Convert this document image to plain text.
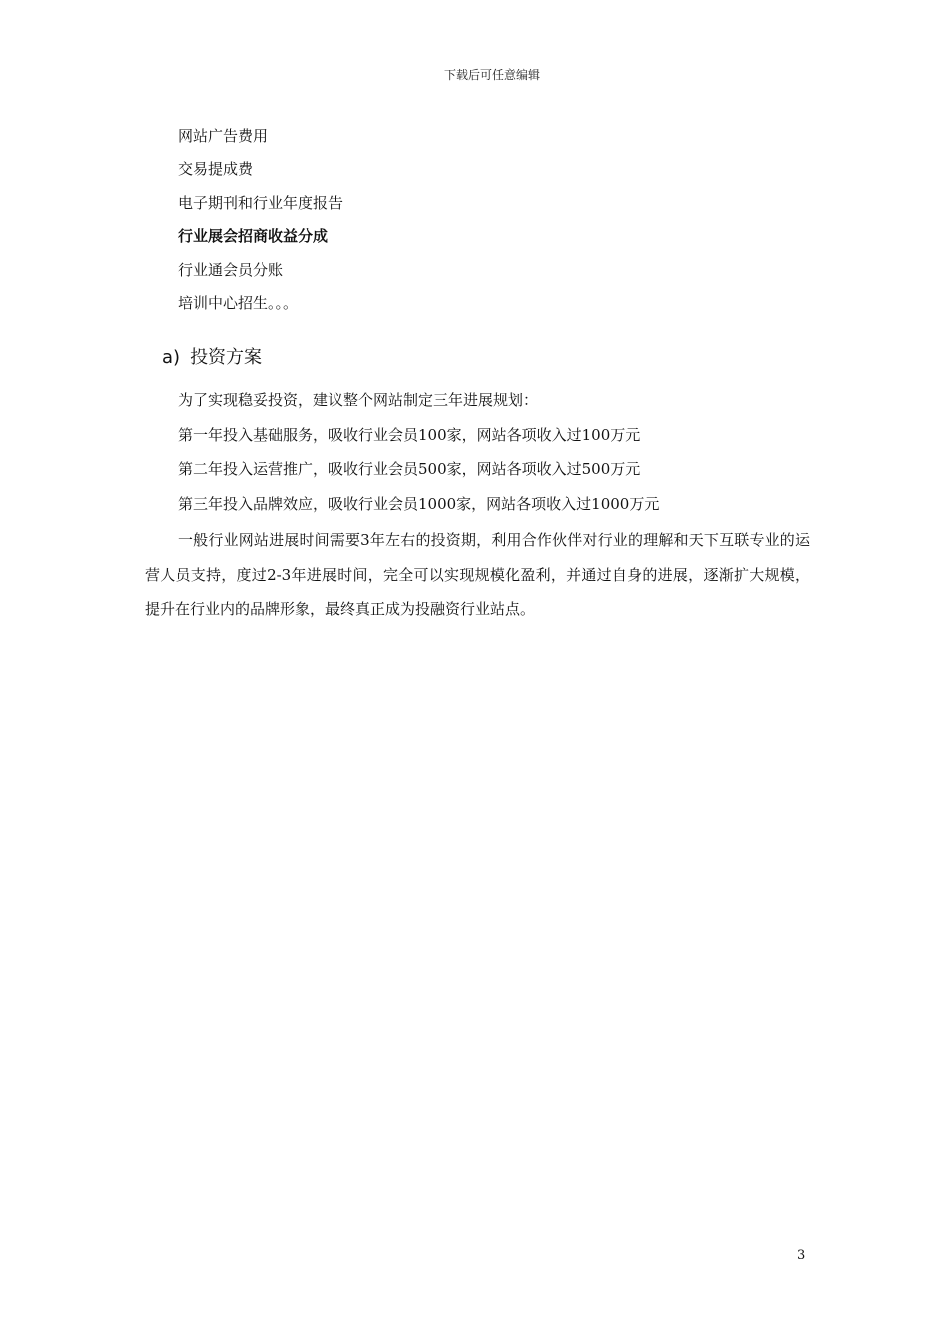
下载后可任意编辑
网站广告费用
交易提成费
电子期刊和行业年度报告
行业展会招商收益分成
行业通会员分账
培训中心招生。。。
a) 投资方案
为了实现稳妥投资，建议整个网站制定三年进展规划：
第一年投入基础服务，吸收行业会员100家，网站各项收入过100万元
第二年投入运营推广，吸收行业会员500家，网站各项收入过500万元
第三年投入品牌效应，吸收行业会员1000家，网站各项收入过1000万元

一般行业网站进展时间需要3年左右的投资期，利用合作伙伴对行业的理解和天下互联专业的运营人员支持，度过2-3年进展时间，完全可以实现规模化盈利，并通过自身的进展，逐渐扩大规模，提升在行业内的品牌形象，最终真正成为投融资行业站点。

3
